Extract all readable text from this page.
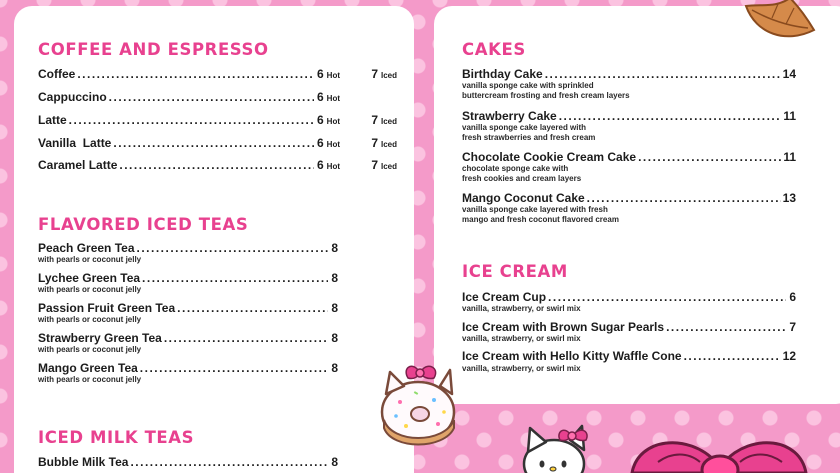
COFFEE AND ESPRESSO
Coffee .....	6 Hot	7 Iced
Cappuccino .....	6 Hot
Latte .....	6 Hot	7 Iced
Vanilla  Latte .....	6 Hot	7 Iced
Caramel Latte .....	6 Hot	7 Iced
FLAVORED ICED TEAS
Peach Green Tea .....	8
with pearls or coconut jelly
Lychee Green Tea .....	8
with pearls or coconut jelly
Passion Fruit Green Tea .....	8
with pearls or coconut jelly
Strawberry Green Tea .....	8
with pearls or coconut jelly
Mango Green Tea .....	8
with pearls or coconut jelly
ICED MILK TEAS
Bubble Milk Tea .....	8
CAKES
Birthday Cake .....	14
vanilla sponge cake with sprinkled
buttercream frosting and fresh cream layers
Strawberry Cake .....	11
vanilla sponge cake layered with
fresh strawberries and fresh cream
Chocolate Cookie Cream Cake .....	11
chocolate sponge cake with
fresh cookies and cream layers
Mango Coconut Cake .....	13
vanilla sponge cake layered with fresh
mango and fresh coconut flavored cream
ICE CREAM
Ice Cream Cup .....	6
vanilla, strawberry, or swirl mix
Ice Cream with Brown Sugar Pearls .....	7
vanilla, strawberry, or swirl mix
Ice Cream with Hello Kitty Waffle Cone .....	12
vanilla, strawberry, or swirl mix
